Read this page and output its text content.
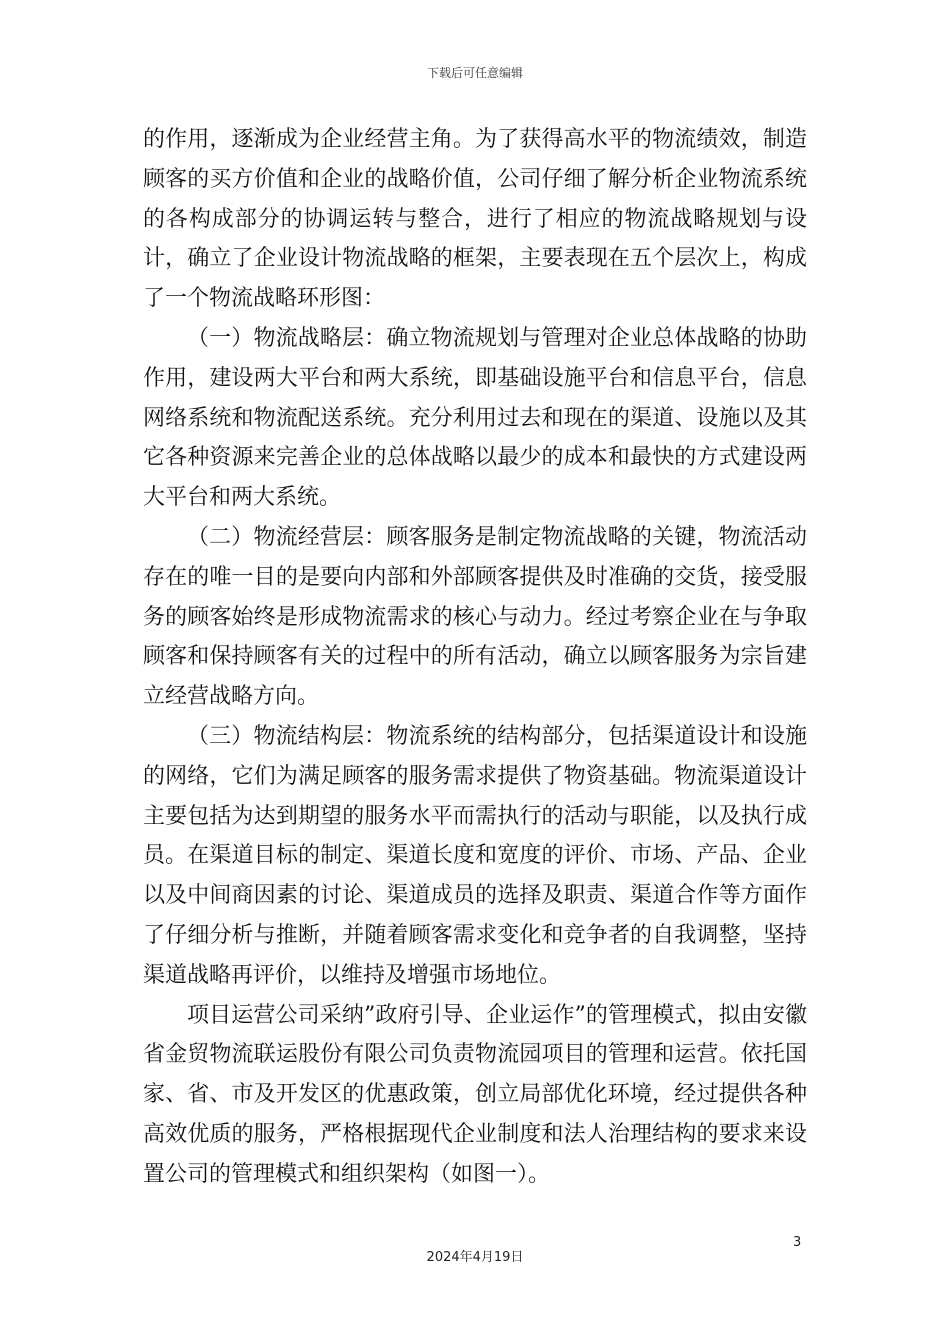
下载后可任意编辑

的作用，逐渐成为企业经营主角。为了获得高水平的物流绩效，制造顾客的买方价值和企业的战略价值，公司仔细了解分析企业物流系统的各构成部分的协调运转与整合，进行了相应的物流战略规划与设计，确立了企业设计物流战略的框架，主要表现在五个层次上，构成了一个物流战略环形图：

（一）物流战略层：确立物流规划与管理对企业总体战略的协助作用，建设两大平台和两大系统，即基础设施平台和信息平台，信息网络系统和物流配送系统。充分利用过去和现在的渠道、设施以及其它各种资源来完善企业的总体战略以最少的成本和最快的方式建设两大平台和两大系统。

（二）物流经营层：顾客服务是制定物流战略的关键，物流活动存在的唯一目的是要向内部和外部顾客提供及时准确的交货，接受服务的顾客始终是形成物流需求的核心与动力。经过考察企业在与争取顾客和保持顾客有关的过程中的所有活动，确立以顾客服务为宗旨建立经营战略方向。

（三）物流结构层：物流系统的结构部分，包括渠道设计和设施的网络，它们为满足顾客的服务需求提供了物资基础。物流渠道设计主要包括为达到期望的服务水平而需执行的活动与职能，以及执行成员。在渠道目标的制定、渠道长度和宽度的评价、市场、产品、企业以及中间商因素的讨论、渠道成员的选择及职责、渠道合作等方面作了仔细分析与推断，并随着顾客需求变化和竞争者的自我调整，坚持渠道战略再评价，以维持及增强市场地位。

项目运营公司采纳”政府引导、企业运作”的管理模式，拟由安徽省金贸物流联运股份有限公司负责物流园项目的管理和运营。依托国家、省、市及开发区的优惠政策，创立局部优化环境，经过提供各种高效优质的服务，严格根据现代企业制度和法人治理结构的要求来设置公司的管理模式和组织架构（如图一）。

3
2024年4月19日
